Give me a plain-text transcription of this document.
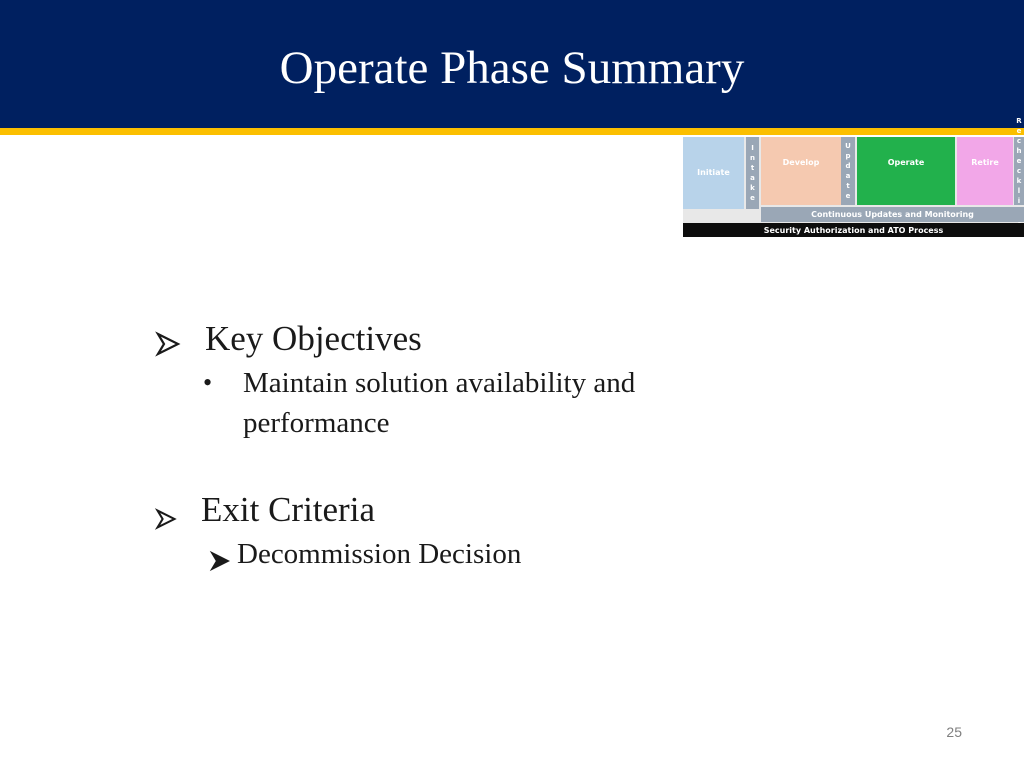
Operate Phase Summary
Initiate
I
n
t
a
k
e
Develop
U
p
d
a
t
e
Operate	Retire
R
e
c
h
e
c
k
l
i
Continuous Updates and Monitoring
Security Authorization and ATO Process
Key Objectives
• Maintain solution availability and performance
Exit Criteria
Decommission Decision
25
